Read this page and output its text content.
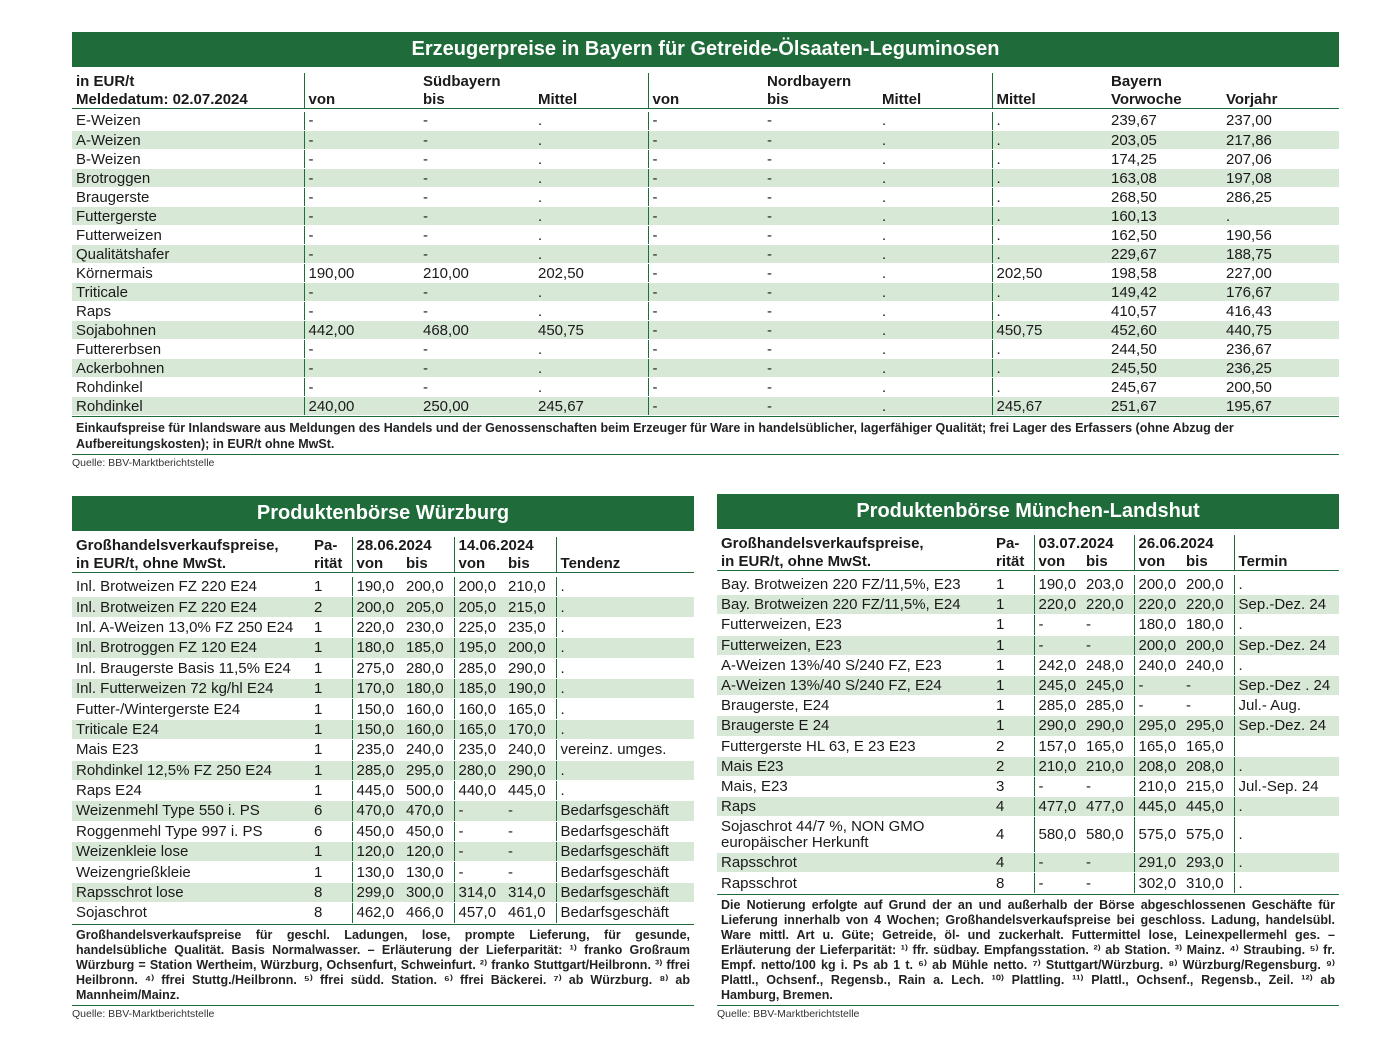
Erzeugerpreise in Bayern für Getreide-Ölsaaten-Leguminosen
in EUR/t		Südbayern			Nordbayern			Bayern	
Meldedatum: 02.07.2024	von	bis	Mittel	von	bis	Mittel	Mittel	Vorwoche	Vorjahr
E-Weizen	-	-	.	-	-	.	.	239,67	237,00
A-Weizen	-	-	.	-	-	.	.	203,05	217,86
B-Weizen	-	-	.	-	-	.	.	174,25	207,06
Brotroggen	-	-	.	-	-	.	.	163,08	197,08
Braugerste	-	-	.	-	-	.	.	268,50	286,25
Futtergerste	-	-	.	-	-	.	.	160,13	.
Futterweizen	-	-	.	-	-	.	.	162,50	190,56
Qualitätshafer	-	-	.	-	-	.	.	229,67	188,75
Körnermais	190,00	210,00	202,50	-	-	.	202,50	198,58	227,00
Triticale	-	-	.	-	-	.	.	149,42	176,67
Raps	-	-	.	-	-	.	.	410,57	416,43
Sojabohnen	442,00	468,00	450,75	-	-	.	450,75	452,60	440,75
Futtererbsen	-	-	.	-	-	.	.	244,50	236,67
Ackerbohnen	-	-	.	-	-	.	.	245,50	236,25
Rohdinkel	-	-	.	-	-	.	.	245,67	200,50
Rohdinkel	240,00	250,00	245,67	-	-	.	245,67	251,67	195,67
Einkaufspreise für Inlandsware aus Meldungen des Handels und der Genossenschaften beim Erzeuger für Ware in handelsüblicher, lagerfähiger Qualität; frei Lager des Erfassers (ohne Abzug der Aufbereitungskosten); in EUR/t ohne MwSt.
Quelle: BBV-Marktberichtstelle
Produktenbörse Würzburg
Großhandelsverkaufspreise,	Pa-	28.06.2024		14.06.2024		
in EUR/t, ohne MwSt.	rität	von	bis	von	bis	Tendenz
Inl. Brotweizen FZ 220 E24	1	190,0	200,0	200,0	210,0	.
Inl. Brotweizen FZ 220 E24	2	200,0	205,0	205,0	215,0	.
Inl. A-Weizen 13,0% FZ 250 E24	1	220,0	230,0	225,0	235,0	.
Inl. Brotroggen FZ 120 E24	1	180,0	185,0	195,0	200,0	.
Inl. Braugerste Basis 11,5% E24	1	275,0	280,0	285,0	290,0	.
Inl. Futterweizen 72 kg/hl E24	1	170,0	180,0	185,0	190,0	.
Futter-/Wintergerste E24	1	150,0	160,0	160,0	165,0	.
Triticale E24	1	150,0	160,0	165,0	170,0	.
Mais E23	1	235,0	240,0	235,0	240,0	vereinz. umges.
Rohdinkel 12,5% FZ 250 E24	1	285,0	295,0	280,0	290,0	.
Raps E24	1	445,0	500,0	440,0	445,0	.
Weizenmehl Type 550 i. PS	6	470,0	470,0	-	-	Bedarfsgeschäft
Roggenmehl Type 997 i. PS	6	450,0	450,0	-	-	Bedarfsgeschäft
Weizenkleie lose	1	120,0	120,0	-	-	Bedarfsgeschäft
Weizengrießkleie	1	130,0	130,0	-	-	Bedarfsgeschäft
Rapsschrot lose	8	299,0	300,0	314,0	314,0	Bedarfsgeschäft
Sojaschrot	8	462,0	466,0	457,0	461,0	Bedarfsgeschäft
Großhandelsverkaufspreise für geschl. Ladungen, lose, prompte Lieferung, für gesunde, handelsübliche Qualität. Basis Normalwasser. – Erläuterung der Lieferparität: ¹⁾ franko Großraum Würzburg = Station Wertheim, Würzburg, Ochsenfurt, Schweinfurt. ²⁾ franko Stuttgart/Heilbronn. ³⁾ ffrei Heilbronn. ⁴⁾ ffrei Stuttg./Heilbronn. ⁵⁾ ffrei südd. Station. ⁶⁾ ffrei Bäckerei. ⁷⁾ ab Würzburg. ⁸⁾ ab Mannheim/Mainz.
Quelle: BBV-Marktberichtstelle
Produktenbörse München-Landshut
Großhandelsverkaufspreise,	Pa-	03.07.2024		26.06.2024		
in EUR/t, ohne MwSt.	rität	von	bis	von	bis	Termin
Bay. Brotweizen 220 FZ/11,5%, E23	1	190,0	203,0	200,0	200,0	.
Bay. Brotweizen 220 FZ/11,5%, E24	1	220,0	220,0	220,0	220,0	Sep.-Dez. 24
Futterweizen, E23	1	-	-	180,0	180,0	.
Futterweizen, E23	1	-	-	200,0	200,0	Sep.-Dez. 24
A-Weizen 13%/40 S/240 FZ, E23	1	242,0	248,0	240,0	240,0	.
A-Weizen 13%/40 S/240 FZ, E24	1	245,0	245,0	-	-	Sep.-Dez . 24
Braugerste, E24	1	285,0	285,0	-	-	Jul.- Aug.
Braugerste E 24	1	290,0	290,0	295,0	295,0	Sep.-Dez. 24
Futtergerste HL 63, E 23 E23	2	157,0	165,0	165,0	165,0	
Mais E23	2	210,0	210,0	208,0	208,0	.
Mais, E23	3	-	-	210,0	215,0	Jul.-Sep. 24
Raps	4	477,0	477,0	445,0	445,0	.
Sojaschrot 44/7 %, NON GMO europäischer Herkunft	4	580,0	580,0	575,0	575,0	.
Rapsschrot	4	-	-	291,0	293,0	.
Rapsschrot	8	-	-	302,0	310,0	.
Die Notierung erfolgte auf Grund der an und außerhalb der Börse abgeschlossenen Geschäfte für Lieferung innerhalb von 4 Wochen; Großhandelsverkaufspreise bei geschloss. Ladung, handelsübl. Ware mittl. Art u. Güte; Getreide, öl- und zuckerhalt. Futtermittel lose, Leinexpellermehl ges. – Erläuterung der Lieferparität: ¹⁾ ffr. südbay. Empfangsstation. ²⁾ ab Station. ³⁾ Mainz. ⁴⁾ Straubing. ⁵⁾ fr. Empf. netto/100 kg i. Ps ab 1 t. ⁶⁾ ab Mühle netto. ⁷⁾ Stuttgart/Würzburg. ⁸⁾ Würzburg/Regensburg. ⁹⁾ Plattl., Ochsenf., Regensb., Rain a. Lech. ¹⁰⁾ Plattling. ¹¹⁾ Plattl., Ochsenf., Regensb., Zeil. ¹²⁾ ab Hamburg, Bremen.
Quelle: BBV-Marktberichtstelle
